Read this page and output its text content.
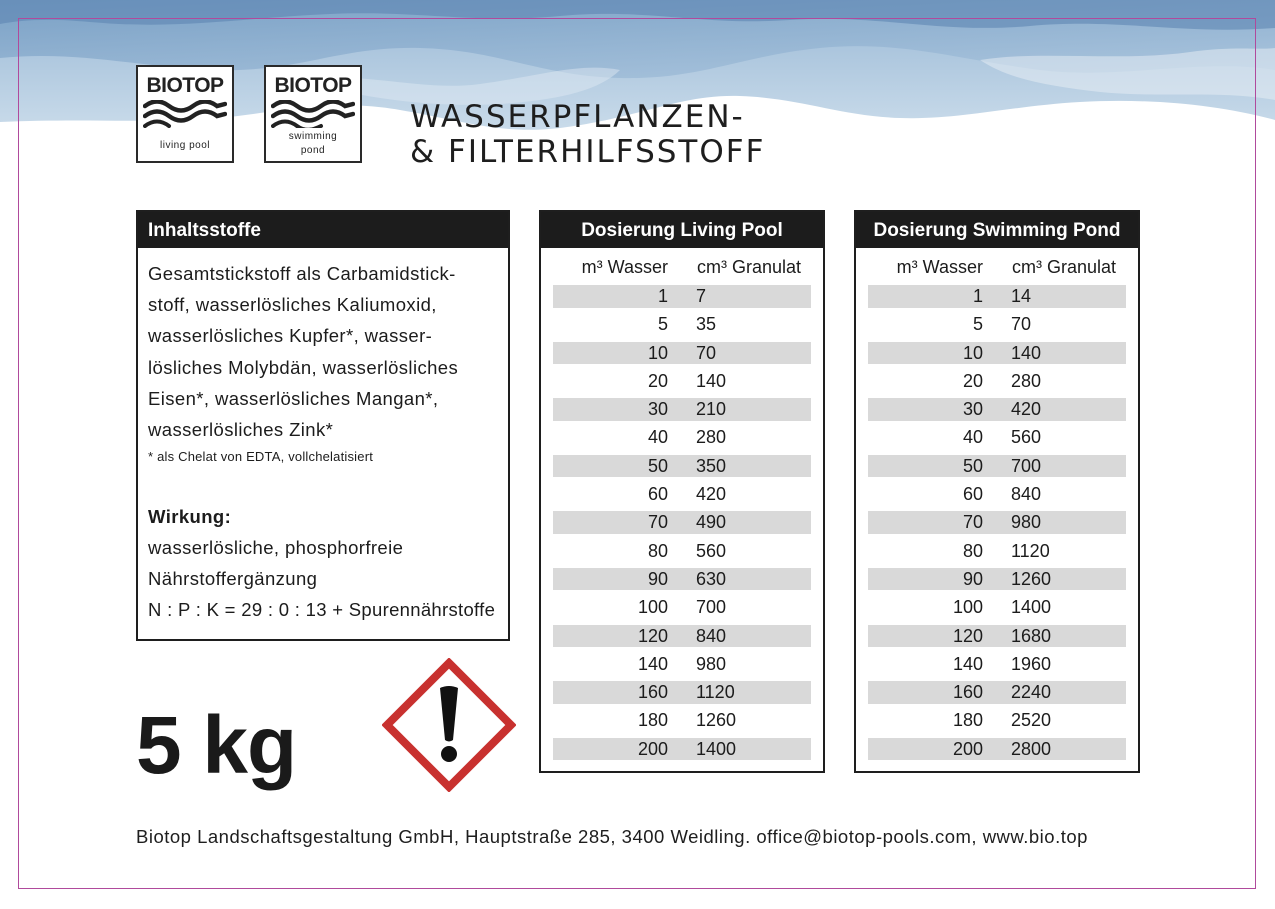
BIOTOP
living pool
BIOTOP
swimming
pond
WASSERPFLANZEN-
& FILTERHILFSSTOFF
Inhaltsstoffe

Gesamtstickstoff als Carbamidstick-

stoff, wasserlösliches Kaliumoxid,

wasserlösliches Kupfer*, wasser-

lösliches Molybdän, wasserlösliches

Eisen*, wasserlösliches Mangan*,

wasserlösliches Zink*

* als Chelat von EDTA, vollchelatisiert

Wirkung:

wasserlösliche, phosphorfreie

Nährstoffergänzung

N : P : K = 29 : 0 : 13 + Spurennährstoffe

Dosierung Living Pool
m³ Wasser cm³ Granulat
1 7
5 35
10 70
20 140
30 210
40 280
50 350
60 420
70 490
80 560
90 630
100 700
120 840
140 980
160 1120
180 1260
200 1400
Dosierung Swimming Pond
m³ Wasser cm³ Granulat
1 14
5 70
10 140
20 280
30 420
40 560
50 700
60 840
70 980
80 1120
90 1260
100 1400
120 1680
140 1960
160 2240
180 2520
200 2800
5 kg
Biotop Landschaftsgestaltung GmbH, Hauptstraße 285, 3400 Weidling. office@biotop-pools.com, www.bio.top
